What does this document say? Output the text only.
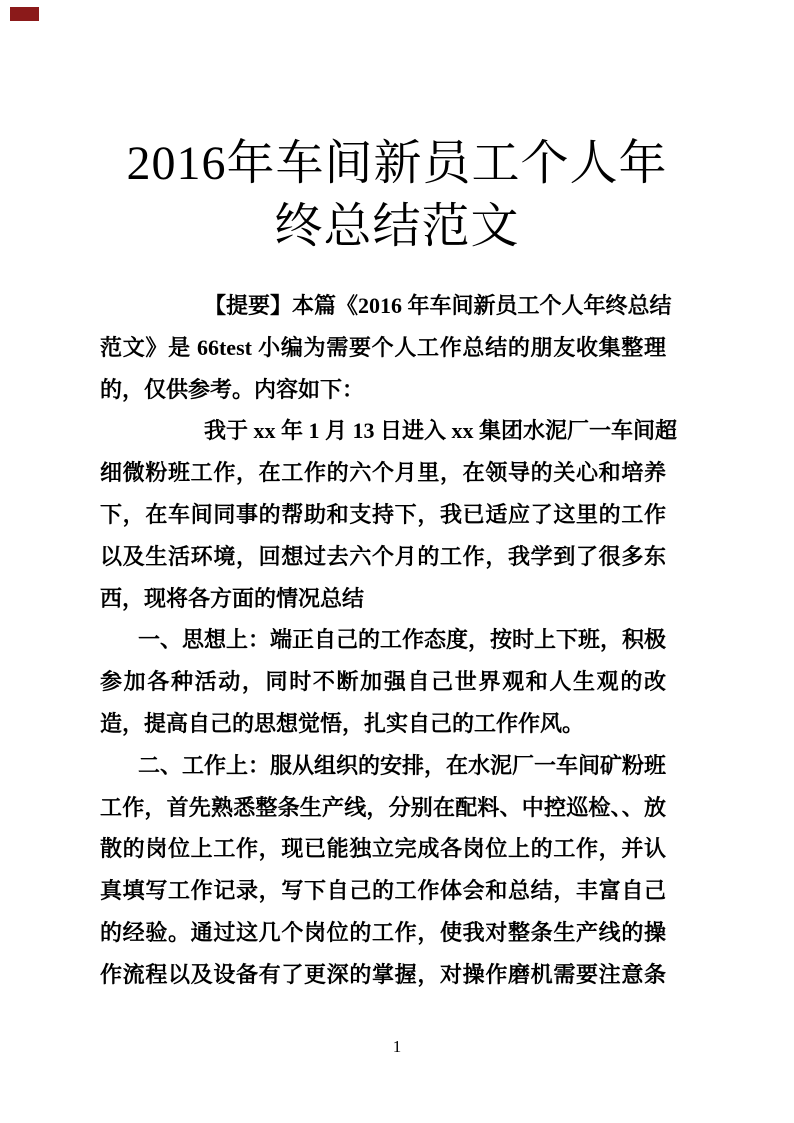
2016年车间新员工个人年
终总结范文
【提要】本篇《2016 年车间新员工个人年终总结
范文》是 66test 小编为需要个人工作总结的朋友收集整理
的，仅供参考。内容如下：
我于 xx 年 1 月 13 日进入 xx 集团水泥厂一车间超
细微粉班工作，在工作的六个月里，在领导的关心和培养
下，在车间同事的帮助和支持下，我已适应了这里的工作
以及生活环境，回想过去六个月的工作，我学到了很多东
西，现将各方面的情况总结
一、思想上：端正自己的工作态度，按时上下班，积极
参加各种活动，同时不断加强自己世界观和人生观的改
造，提高自己的思想觉悟，扎实自己的工作作风。
二、工作上：服从组织的安排，在水泥厂一车间矿粉班
工作，首先熟悉整条生产线，分别在配料、中控巡检、、放
散的岗位上工作，现已能独立完成各岗位上的工作，并认
真填写工作记录，写下自己的工作体会和总结，丰富自己
的经验。通过这几个岗位的工作，使我对整条生产线的操
作流程以及设备有了更深的掌握，对操作磨机需要注意条
1
